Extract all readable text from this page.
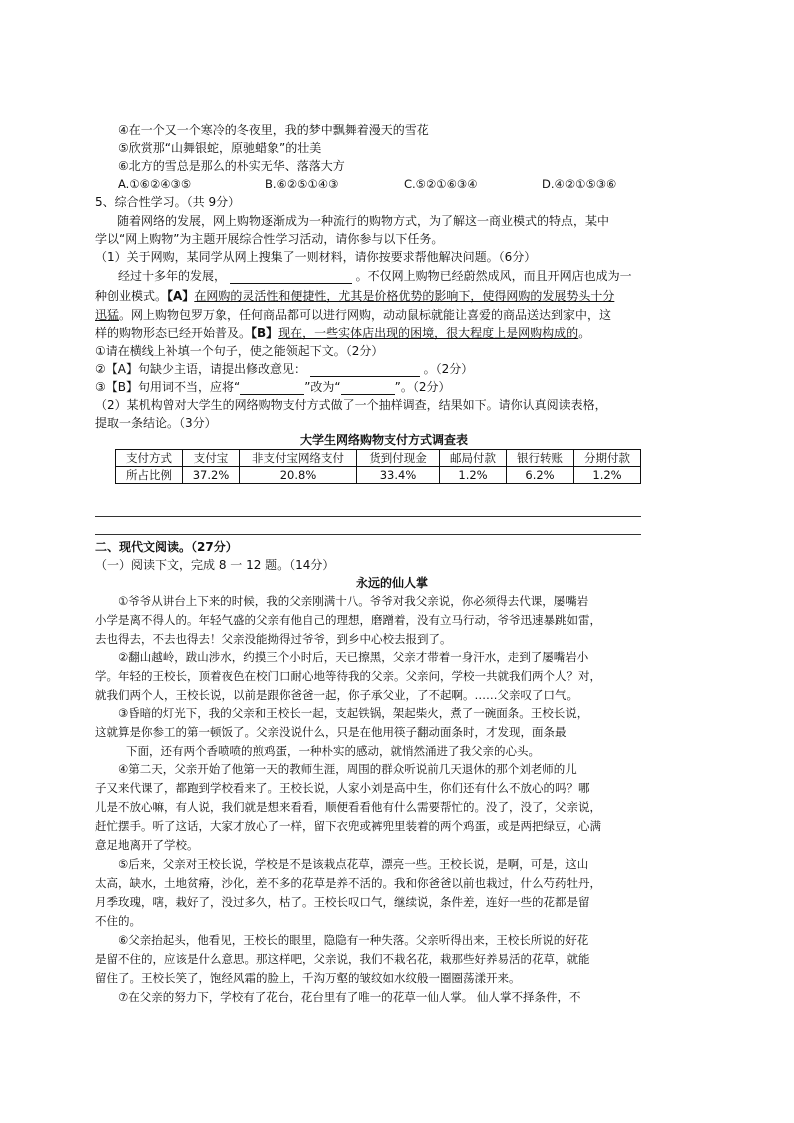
④在一个又一个寒冷的冬夜里，我的梦中飘舞着漫天的雪花
⑤欣赏那“山舞银蛇，原驰蜡象”的壮美
⑥北方的雪总是那么的朴实无华、落落大方
A.①⑥②④③⑤	B.⑥②⑤①④③	C.⑤②①⑥③④	D.④②①⑤③⑥
5、综合性学习。（共 9分）
随着网络的发展，网上购物逐渐成为一种流行的购物方式，为了解这一商业模式的特点，某中
学以“网上购物”为主题开展综合性学习活动，请你参与以下任务。
（1）关于网购，某同学从网上搜集了一则材料，请你按要求帮他解决问题。（6分）
经过十多年的发展，	。不仅网上购物已经蔚然成风，而且开网店也成为一
种创业模式。【A】在网购的灵活性和便捷性，尤其是价格优势的影响下，使得网购的发展势头十分
迅猛。网上购物包罗万象，任何商品都可以进行网购，动动鼠标就能让喜爱的商品送达到家中，这
样的购物形态已经开始普及。【B】现在，一些实体店出现的困境，很大程度上是网购构成的。
①请在横线上补填一个句子，使之能领起下文。（2分）
②【A】句缺少主语，请提出修改意见：	。（2分）
③【B】句用词不当，应将“	”改为“	”。（2分）
（2）某机构曾对大学生的网络购物支付方式做了一个抽样调查，结果如下。请你认真阅读表格，
提取一条结论。（3分）
大学生网络购物支付方式调查表
支付方式	支付宝	非支付宝网络支付	货到付现金	邮局付款	银行转账	分期付款
所占比例	37.2%	20.8%	33.4%	1.2%	6.2%	1.2%
二、现代文阅读。（27分）
（一）阅读下文，完成 8 一 12 题。（14分）
永远的仙人掌
①爷爷从讲台上下来的时候，我的父亲刚满十八。爷爷对我父亲说，你必须得去代课，屡嘴岩
小学是离不得人的。年轻气盛的父亲有他自己的理想，磨蹭着，没有立马行动，爷爷迅速暴跳如雷，
去也得去，不去也得去！父亲没能拗得过爷爷，到乡中心校去报到了。
②翻山越岭，跋山涉水，约摸三个小时后，天已擦黑，父亲才带着一身汗水，走到了屡嘴岩小
学。年轻的王校长，顶着夜色在校门口耐心地等待我的父亲。父亲问，学校一共就我们两个人？对，
就我们两个人，王校长说，以前是跟你爸爸一起，你子承父业，了不起啊。……父亲叹了口气。
③昏暗的灯光下，我的父亲和王校长一起，支起铁锅，架起柴火，煮了一碗面条。王校长说，
这就算是你参工的第一顿饭了。父亲没说什么，只是在他用筷子翻动面条时，才发现，面条最
下面，还有两个香喷喷的煎鸡蛋，一种朴实的感动，就悄然涌进了我父亲的心头。
④第二天，父亲开始了他第一天的教师生涯，周围的群众听说前几天退休的那个刘老师的儿
子又来代课了，都跑到学校看来了。王校长说，人家小刘是高中生，你们还有什么不放心的吗？哪
儿是不放心嘛，有人说，我们就是想来看看，顺便看看他有什么需要帮忙的。没了，没了，父亲说，
赶忙摆手。听了这话，大家才放心了一样，留下衣兜或裤兜里装着的两个鸡蛋，或是两把绿豆，心满
意足地离开了学校。
⑤后来，父亲对王校长说，学校是不是该栽点花草，漂亮一些。王校长说，是啊，可是，这山
太高，缺水，土地贫瘠，沙化，差不多的花草是养不活的。我和你爸爸以前也栽过，什么芍药牡丹，
月季玫瑰，嗐，栽好了，没过多久，枯了。王校长叹口气，继续说，条件差，连好一些的花都是留
不住的。
⑥父亲抬起头，他看见，王校长的眼里，隐隐有一种失落。父亲听得出来，王校长所说的好花
是留不住的，应该是什么意思。那这样吧，父亲说，我们不栽名花，栽那些好养易活的花草，就能
留住了。王校长笑了，饱经风霜的脸上，千沟万壑的皱纹如水纹般一圈圈荡漾开来。
⑦在父亲的努力下，学校有了花台，花台里有了唯一的花草一仙人掌。 仙人掌不择条件，不
